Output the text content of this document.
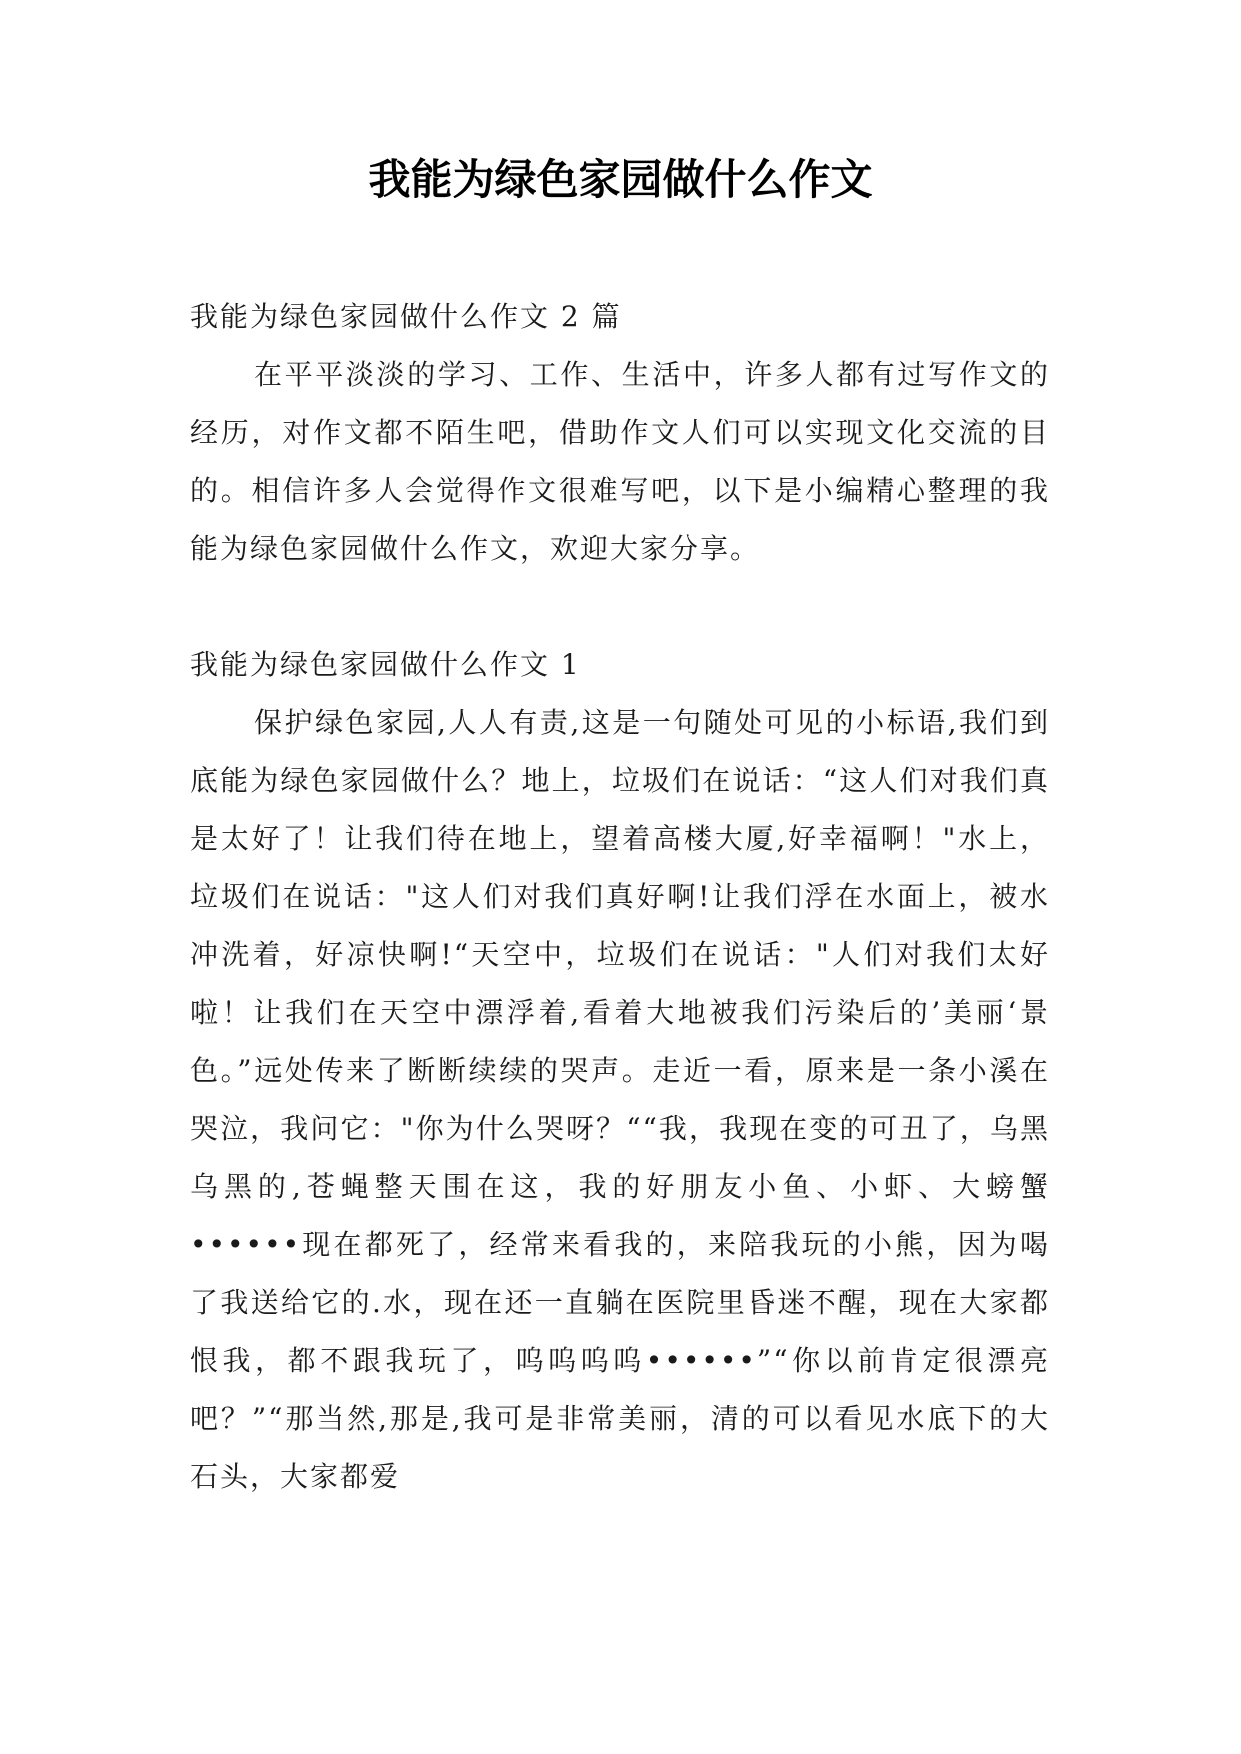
我能为绿色家园做什么作文

我能为绿色家园做什么作文 2 篇

在平平淡淡的学习、工作、生活中，许多人都有过写作文的经历，对作文都不陌生吧，借助作文人们可以实现文化交流的目的。相信许多人会觉得作文很难写吧，以下是小编精心整理的我能为绿色家园做什么作文，欢迎大家分享。

我能为绿色家园做什么作文 1

保护绿色家园,人人有责,这是一句随处可见的小标语,我们到底能为绿色家园做什么？地上，垃圾们在说话：“这人们对我们真是太好了！让我们待在地上，望着高楼大厦,好幸福啊！"水上，垃圾们在说话："这人们对我们真好啊!让我们浮在水面上，被水冲洗着，好凉快啊!“天空中，垃圾们在说话："人们对我们太好啦！让我们在天空中漂浮着,看着大地被我们污染后的’美丽‘景色。”远处传来了断断续续的哭声。走近一看，原来是一条小溪在哭泣，我问它："你为什么哭呀？““我，我现在变的可丑了，乌黑乌黑的,苍蝇整天围在这，我的好朋友小鱼、小虾、大螃蟹••••••现在都死了，经常来看我的，来陪我玩的小熊，因为喝了我送给它的.水，现在还一直躺在医院里昏迷不醒，现在大家都恨我，都不跟我玩了，呜呜呜呜••••••”“你以前肯定很漂亮吧？”“那当然,那是,我可是非常美丽，清的可以看见水底下的大石头，大家都爱
